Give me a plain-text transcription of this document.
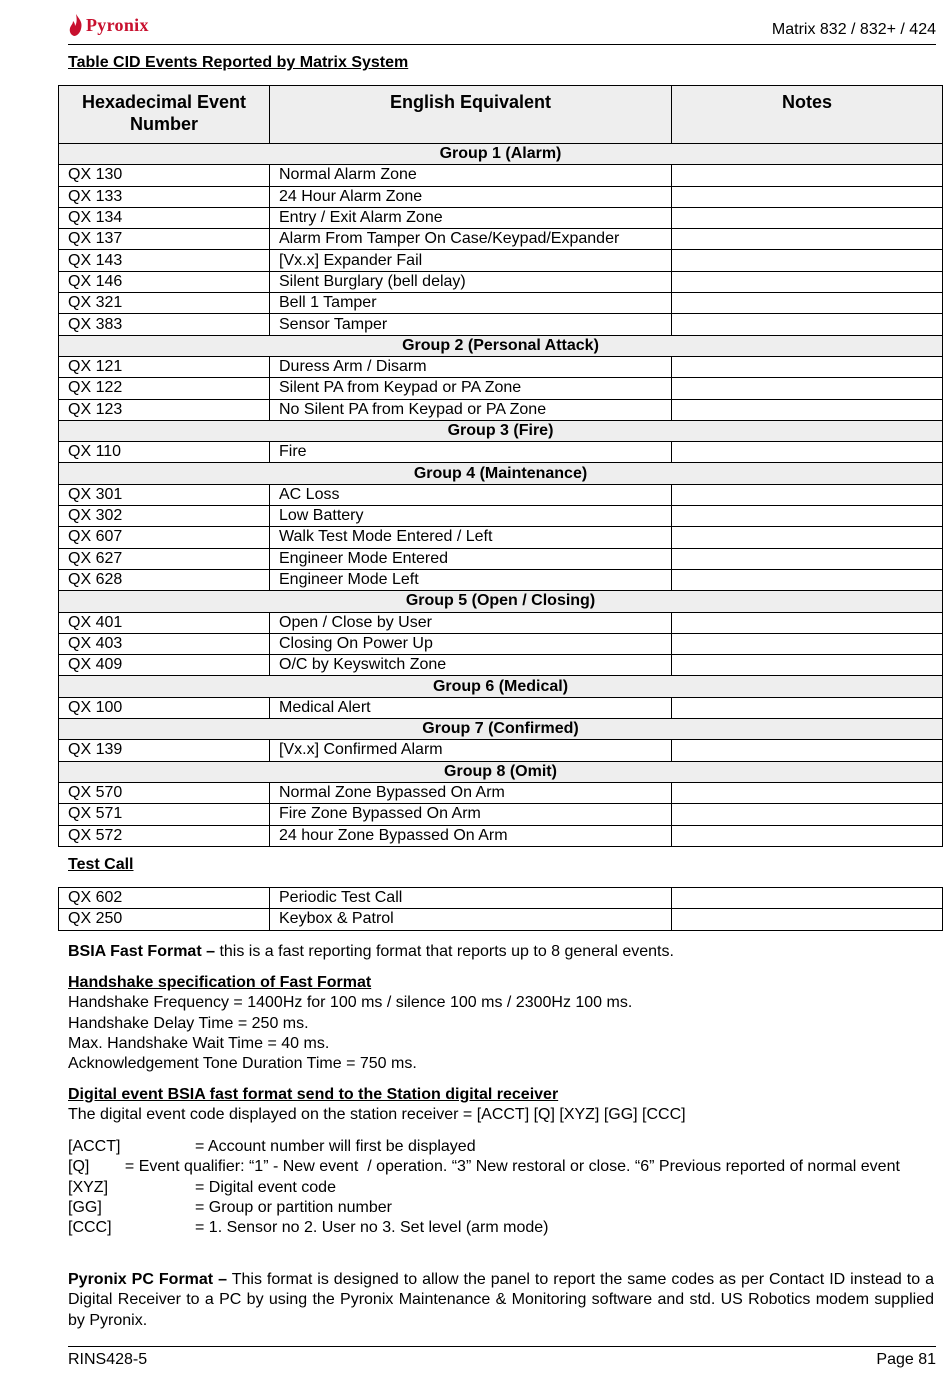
Pyronix	Matrix 832 / 832+ / 424
Table CID Events Reported by Matrix System
Hexadecimal Event Number	English Equivalent	Notes
Group 1 (Alarm)		
QX 130	Normal Alarm Zone	
QX 133	24 Hour Alarm Zone	
QX 134	Entry / Exit Alarm Zone	
QX 137	Alarm From Tamper On Case/Keypad/Expander	
QX 143	[Vx.x] Expander Fail	
QX 146	Silent Burglary (bell delay)	
QX 321	Bell 1 Tamper	
QX 383	Sensor Tamper	
Group 2 (Personal Attack)		
QX 121	Duress Arm / Disarm	
QX 122	Silent PA from Keypad or PA Zone	
QX 123	No Silent PA from Keypad or PA Zone	
Group 3 (Fire)		
QX 110	Fire	
Group 4 (Maintenance)		
QX 301	AC Loss	
QX 302	Low Battery	
QX 607	Walk Test Mode Entered / Left	
QX 627	Engineer Mode Entered	
QX 628	Engineer Mode Left	
Group 5 (Open / Closing)		
QX 401	Open / Close by User	
QX 403	Closing On Power Up	
QX 409	O/C by Keyswitch Zone	
Group 6 (Medical)		
QX 100	Medical Alert	
Group 7 (Confirmed)		
QX 139	[Vx.x] Confirmed Alarm	
Group 8 (Omit)		
QX 570	Normal Zone Bypassed On Arm	
QX 571	Fire Zone Bypassed On Arm	
QX 572	24 hour Zone Bypassed On Arm	
Test Call
QX 602	Periodic Test Call	
QX 250	Keybox & Patrol	
BSIA Fast Format – this is a fast reporting format that reports up to 8 general events.
Handshake specification of Fast Format
Handshake Frequency = 1400Hz for 100 ms / silence 100 ms / 2300Hz 100 ms.
Handshake Delay Time = 250 ms.
Max. Handshake Wait Time = 40 ms.
Acknowledgement Tone Duration Time = 750 ms.
Digital event BSIA fast format send to the Station digital receiver
The digital event code displayed on the station receiver = [ACCT] [Q] [XYZ] [GG] [CCC]
[ACCT]	= Account number will first be displayed
[Q]        = Event qualifier: “1” - New event  / operation. “3” New restoral or close. “6” Previous reported of normal event
[XYZ]	= Digital event code
[GG]	= Group or partition number
[CCC]	= 1. Sensor no 2. User no 3. Set level (arm mode)
Pyronix PC Format – This format is designed to allow the panel to report the same codes as per Contact ID instead to a Digital Receiver to a PC by using the Pyronix Maintenance & Monitoring software and std. US Robotics modem supplied by Pyronix.
RINS428-5	Page 81
